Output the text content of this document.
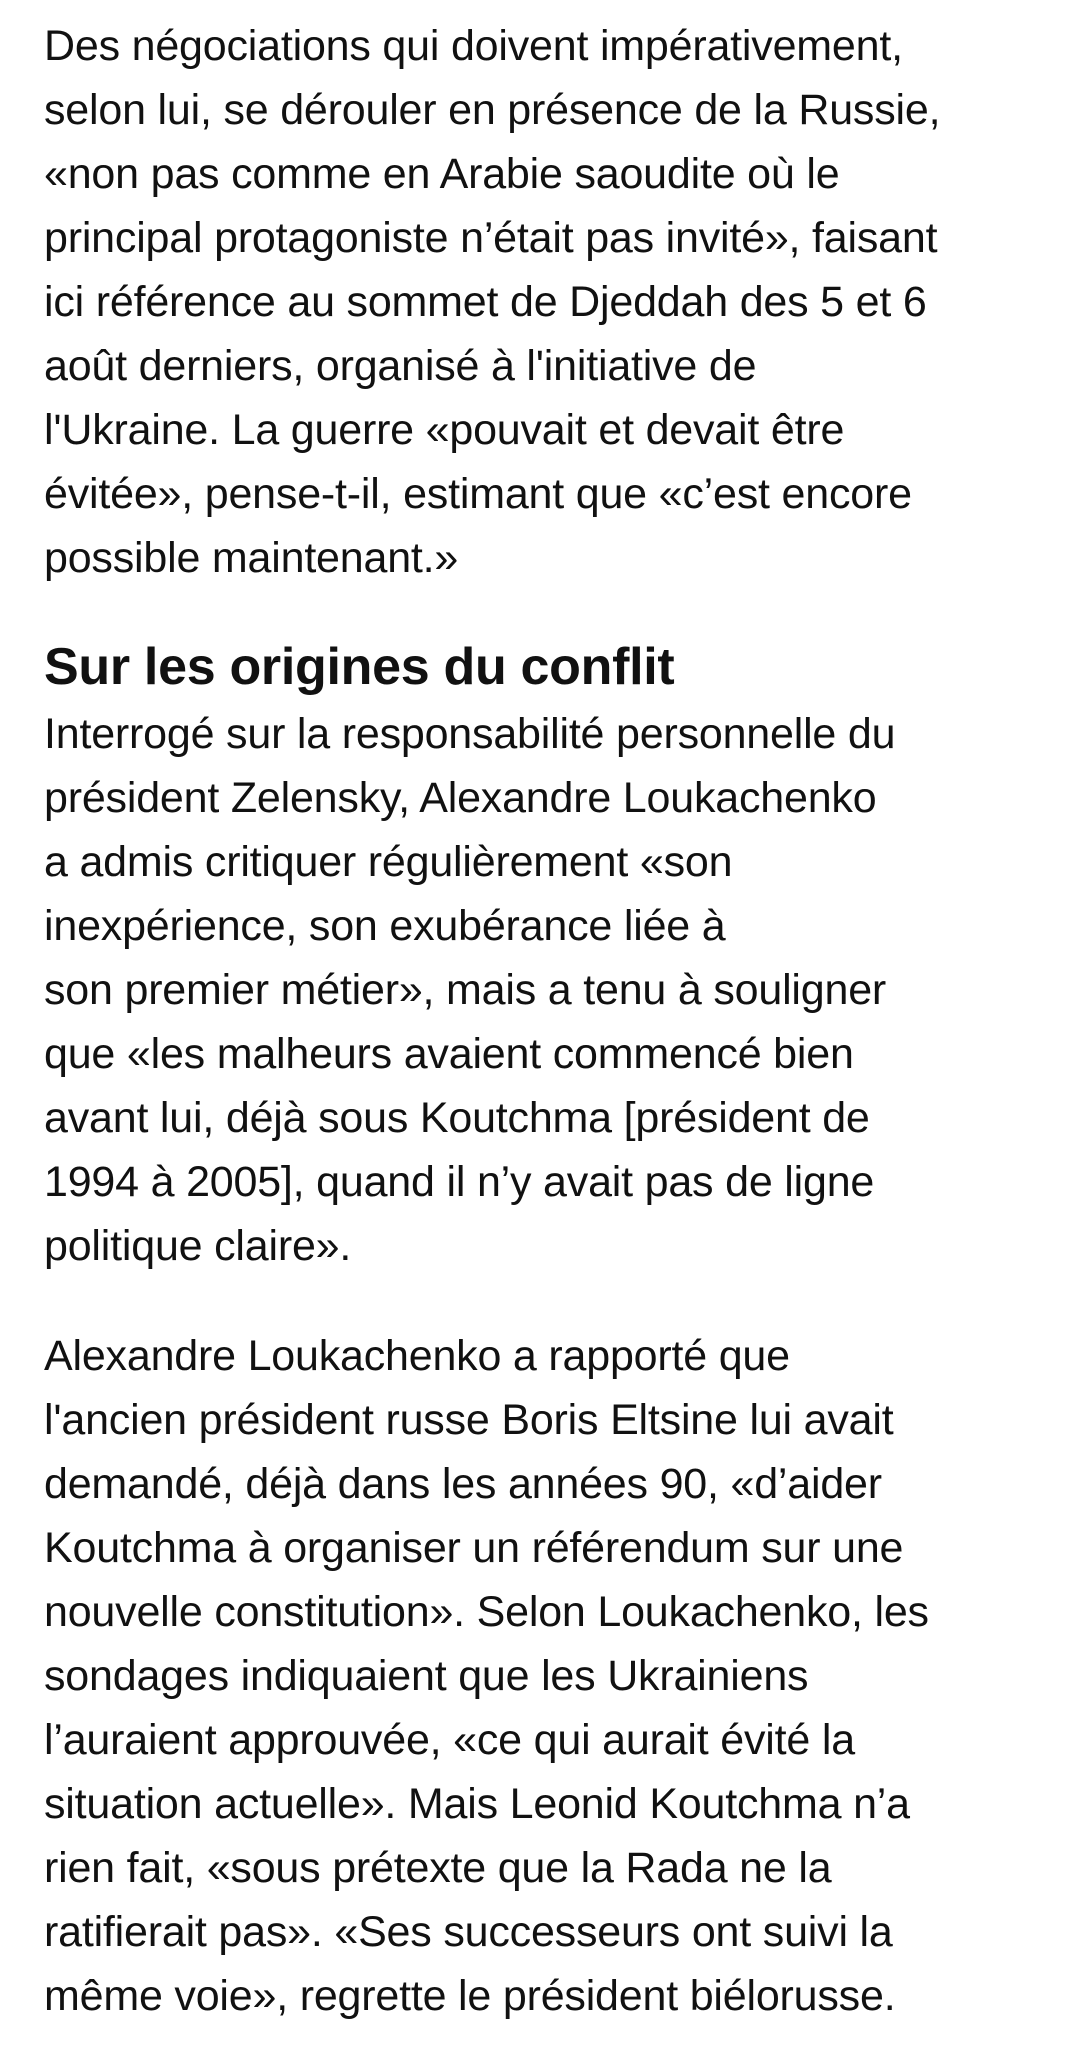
Des négociations qui doivent impérativement,
selon lui, se dérouler en présence de la Russie,
«non pas comme en Arabie saoudite où le
principal protagoniste n’était pas invité», faisant
ici référence au sommet de Djeddah des 5 et 6
août derniers, organisé à l'initiative de
l'Ukraine. La guerre «pouvait et devait être
évitée», pense-t-il, estimant que «c’est encore
possible maintenant.»

Sur les origines du conflit

Interrogé sur la responsabilité personnelle du
président Zelensky, Alexandre Loukachenko
a admis critiquer régulièrement «son
inexpérience, son exubérance liée à
son premier métier», mais a tenu à souligner
que «les malheurs avaient commencé bien
avant lui, déjà sous Koutchma [président de
1994 à 2005], quand il n’y avait pas de ligne
politique claire».

Alexandre Loukachenko a rapporté que
l'ancien président russe Boris Eltsine lui avait
demandé, déjà dans les années 90, «d’aider
Koutchma à organiser un référendum sur une
nouvelle constitution». Selon Loukachenko, les
sondages indiquaient que les Ukrainiens
l’auraient approuvée, «ce qui aurait évité la
situation actuelle». Mais Leonid Koutchma n’a
rien fait, «sous prétexte que la Rada ne la
ratifierait pas». «Ses successeurs ont suivi la
même voie», regrette le président biélorusse.
